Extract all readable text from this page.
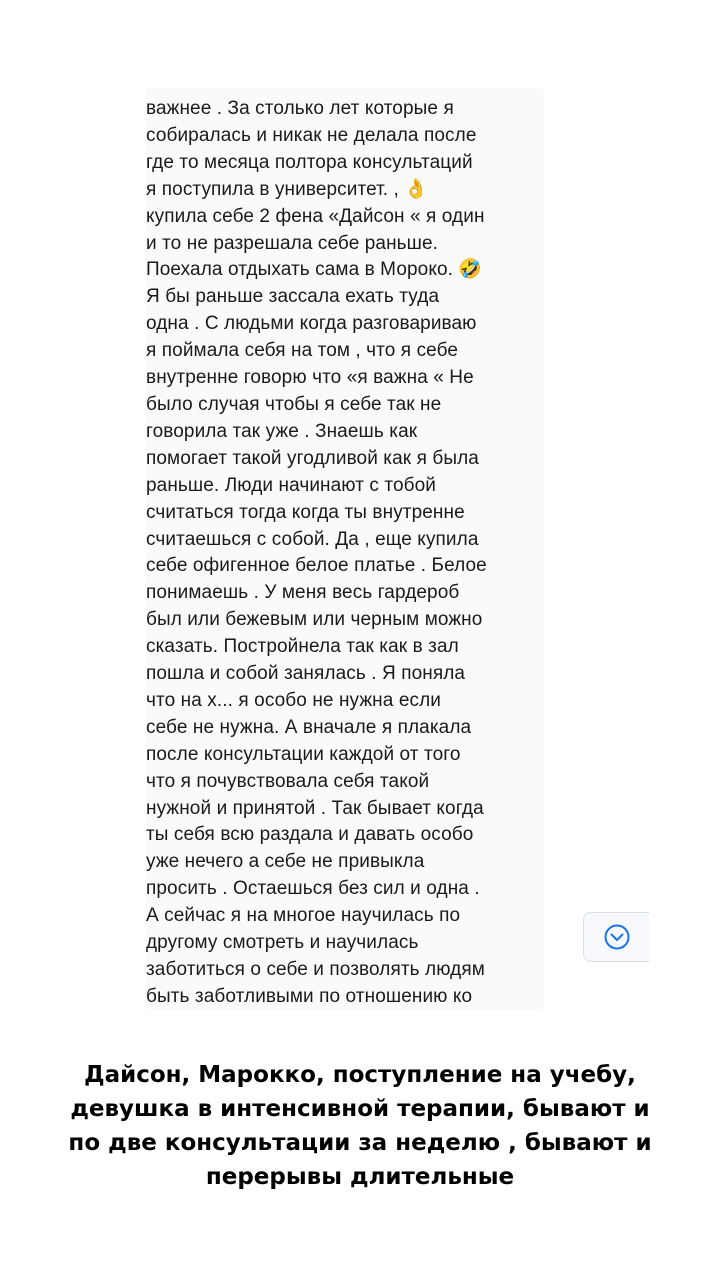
важнее . За столько лет которые я
собиралась и никак не делала после
где то месяца полтора консультаций
я поступила в университет. , 👌
купила себе 2 фена «Дайсон « я один
и то не разрешала себе раньше.
Поехала отдыхать сама в Мороко. 🤣
Я бы раньше зассала ехать туда
одна . С людьми когда разговариваю
я поймала себя на том , что я себе
внутренне говорю что «я важна « Не
было случая чтобы я себе так не
говорила так уже . Знаешь как
помогает такой угодливой как я была
раньше. Люди начинают с тобой
считаться тогда когда ты внутренне
считаешься с собой. Да , еще купила
себе офигенное белое платье . Белое
понимаешь . У меня весь гардероб
был или бежевым или черным можно
сказать. Постройнела так как в зал
пошла и собой занялась . Я поняла
что на х... я особо не нужна если
себе не нужна. А вначале я плакала
после консультации каждой от того
что я почувствовала себя такой
нужной и принятой . Так бывает когда
ты себя всю раздала и давать особо
уже нечего а себе не привыкла
просить . Остаешься без сил и одна .
А сейчас я на многое научилась по
другому смотреть и научилась
заботиться о себе и позволять людям
быть заботливыми по отношению ко
Дайсон, Марокко, поступление на учебу,
девушка в интенсивной терапии, бывают и
по две консультации за неделю , бывают и
перерывы длительные
